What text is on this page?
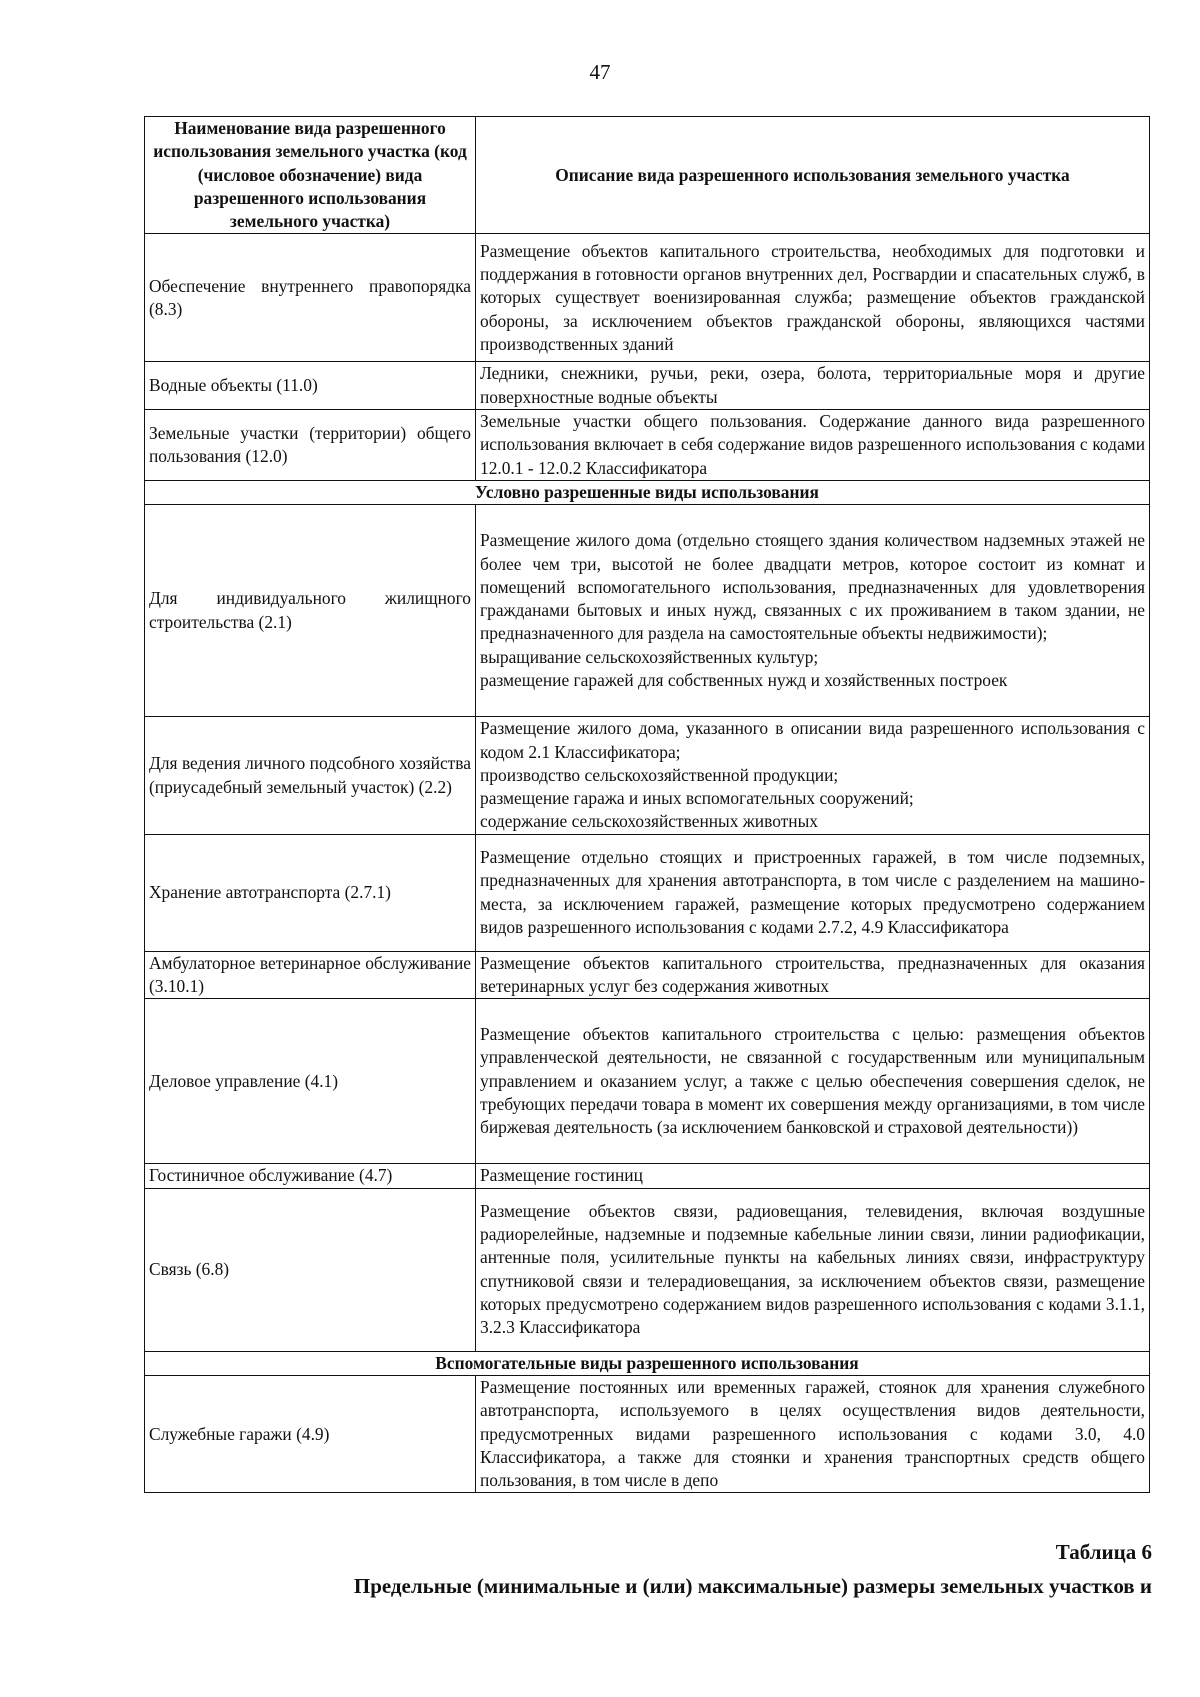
47
Наименование вида разрешенного использования земельного участка (код (числовое обозначение) вида разрешенного использования земельного участка)	Описание вида разрешенного использования земельного участка
Обеспечение внутреннего правопорядка (8.3)	Размещение объектов капитального строительства, необходимых для подготовки и поддержания в готовности органов внутренних дел, Росгвардии и спасательных служб, в которых существует военизированная служба; размещение объектов гражданской обороны, за исключением объектов гражданской обороны, являющихся частями производственных зданий
Водные объекты (11.0)	Ледники, снежники, ручьи, реки, озера, болота, территориальные моря и другие поверхностные водные объекты
Земельные участки (территории) общего пользования (12.0)	Земельные участки общего пользования. Содержание данного вида разрешенного использования включает в себя содержание видов разрешенного использования с кодами 12.0.1 - 12.0.2 Классификатора
Условно разрешенные виды использования	
Для индивидуального жилищного строительства (2.1)	Размещение жилого дома (отдельно стоящего здания количеством надземных этажей не более чем три, высотой не более двадцати метров, которое состоит из комнат и помещений вспомогательного использования, предназначенных для удовлетворения гражданами бытовых и иных нужд, связанных с их проживанием в таком здании, не предназначенного для раздела на самостоятельные объекты недвижимости);
выращивание сельскохозяйственных культур;
размещение гаражей для собственных нужд и хозяйственных построек

Для ведения личного подсобного хозяйства (приусадебный земельный участок) (2.2)	Размещение жилого дома, указанного в описании вида разрешенного использования с кодом 2.1 Классификатора;
производство сельскохозяйственной продукции;
размещение гаража и иных вспомогательных сооружений;
содержание сельскохозяйственных животных

Хранение автотранспорта (2.7.1)	Размещение отдельно стоящих и пристроенных гаражей, в том числе подземных, предназначенных для хранения автотранспорта, в том числе с разделением на машино- места, за исключением гаражей, размещение которых предусмотрено содержанием видов разрешенного использования с кодами 2.7.2, 4.9 Классификатора
Амбулаторное ветеринарное обслуживание (3.10.1)	Размещение объектов капитального строительства, предназначенных для оказания ветеринарных услуг без содержания животных
Деловое управление (4.1)	Размещение объектов капитального строительства с целью: размещения объектов управленческой деятельности, не связанной с государственным или муниципальным управлением и оказанием услуг, а также с целью обеспечения совершения сделок, не требующих передачи товара в момент их совершения между организациями, в том числе биржевая деятельность (за исключением банковской и страховой деятельности))
Гостиничное обслуживание (4.7)	Размещение гостиниц
Связь (6.8)	Размещение объектов связи, радиовещания, телевидения, включая воздушные радиорелейные, надземные и подземные кабельные линии связи, линии радиофикации, антенные поля, усилительные пункты на кабельных линиях связи, инфраструктуру спутниковой связи и телерадиовещания, за исключением объектов связи, размещение которых предусмотрено содержанием видов разрешенного использования с кодами 3.1.1, 3.2.3 Классификатора
Вспомогательные виды разрешенного использования	
Служебные гаражи (4.9)	Размещение постоянных или временных гаражей, стоянок для хранения служебного автотранспорта, используемого в целях осуществления видов деятельности, предусмотренных видами разрешенного использования с кодами 3.0, 4.0 Классификатора, а также для стоянки и хранения транспортных средств общего пользования, в том числе в депо
Таблица 6
Предельные (минимальные и (или) максимальные) размеры земельных участков и
